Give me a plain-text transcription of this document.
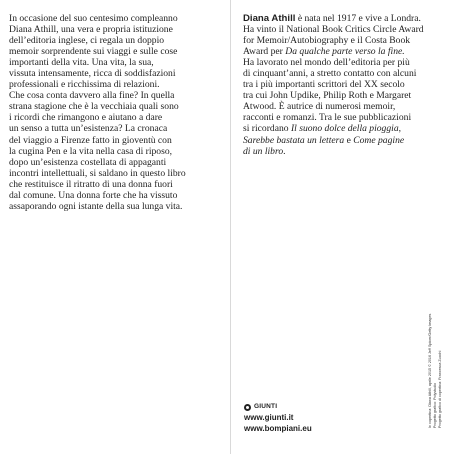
In occasione del suo centesimo compleanno
Diana Athill, una vera e propria istituzione
dell’editoria inglese, ci regala un doppio
memoir sorprendente sui viaggi e sulle cose
importanti della vita. Una vita, la sua,
vissuta intensamente, ricca di soddisfazioni
professionali e ricchissima di relazioni.
Che cosa conta davvero alla fine? In quella
strana stagione che è la vecchiaia quali sono
i ricordi che rimangono e aiutano a dare
un senso a tutta un’esistenza? La cronaca
del viaggio a Firenze fatto in gioventù con
la cugina Pen e la vita nella casa di riposo,
dopo un’esistenza costellata di appaganti
incontri intellettuali, si saldano in questo libro
che restituisce il ritratto di una donna fuori
dal comune. Una donna forte che ha vissuto
assaporando ogni istante della sua lunga vita.
Diana Athill è nata nel 1917 e vive a Londra.
Ha vinto il National Book Critics Circle Award
for Memoir/Autobiography e il Costa Book
Award per Da qualche parte verso la fine.
Ha lavorato nel mondo dell’editoria per più
di cinquant’anni, a stretto contatto con alcuni
tra i più importanti scrittori del XX secolo
tra cui John Updike, Philip Roth e Margaret
Atwood. È autrice di numerosi memoir,
racconti e romanzi. Tra le sue pubblicazioni
si ricordano Il suono dolce della pioggia,
Sarebbe bastata un lettera e Come pagine
di un libro.
In copertina: Diana Athill, aprile 2015 © 2016 Jeff Spicer/Getty Images Progetto grafico: Polystudio Progetto grafico di copertina: Francesca Zucchi
GIUNTI
www.giunti.it
www.bompiani.eu
